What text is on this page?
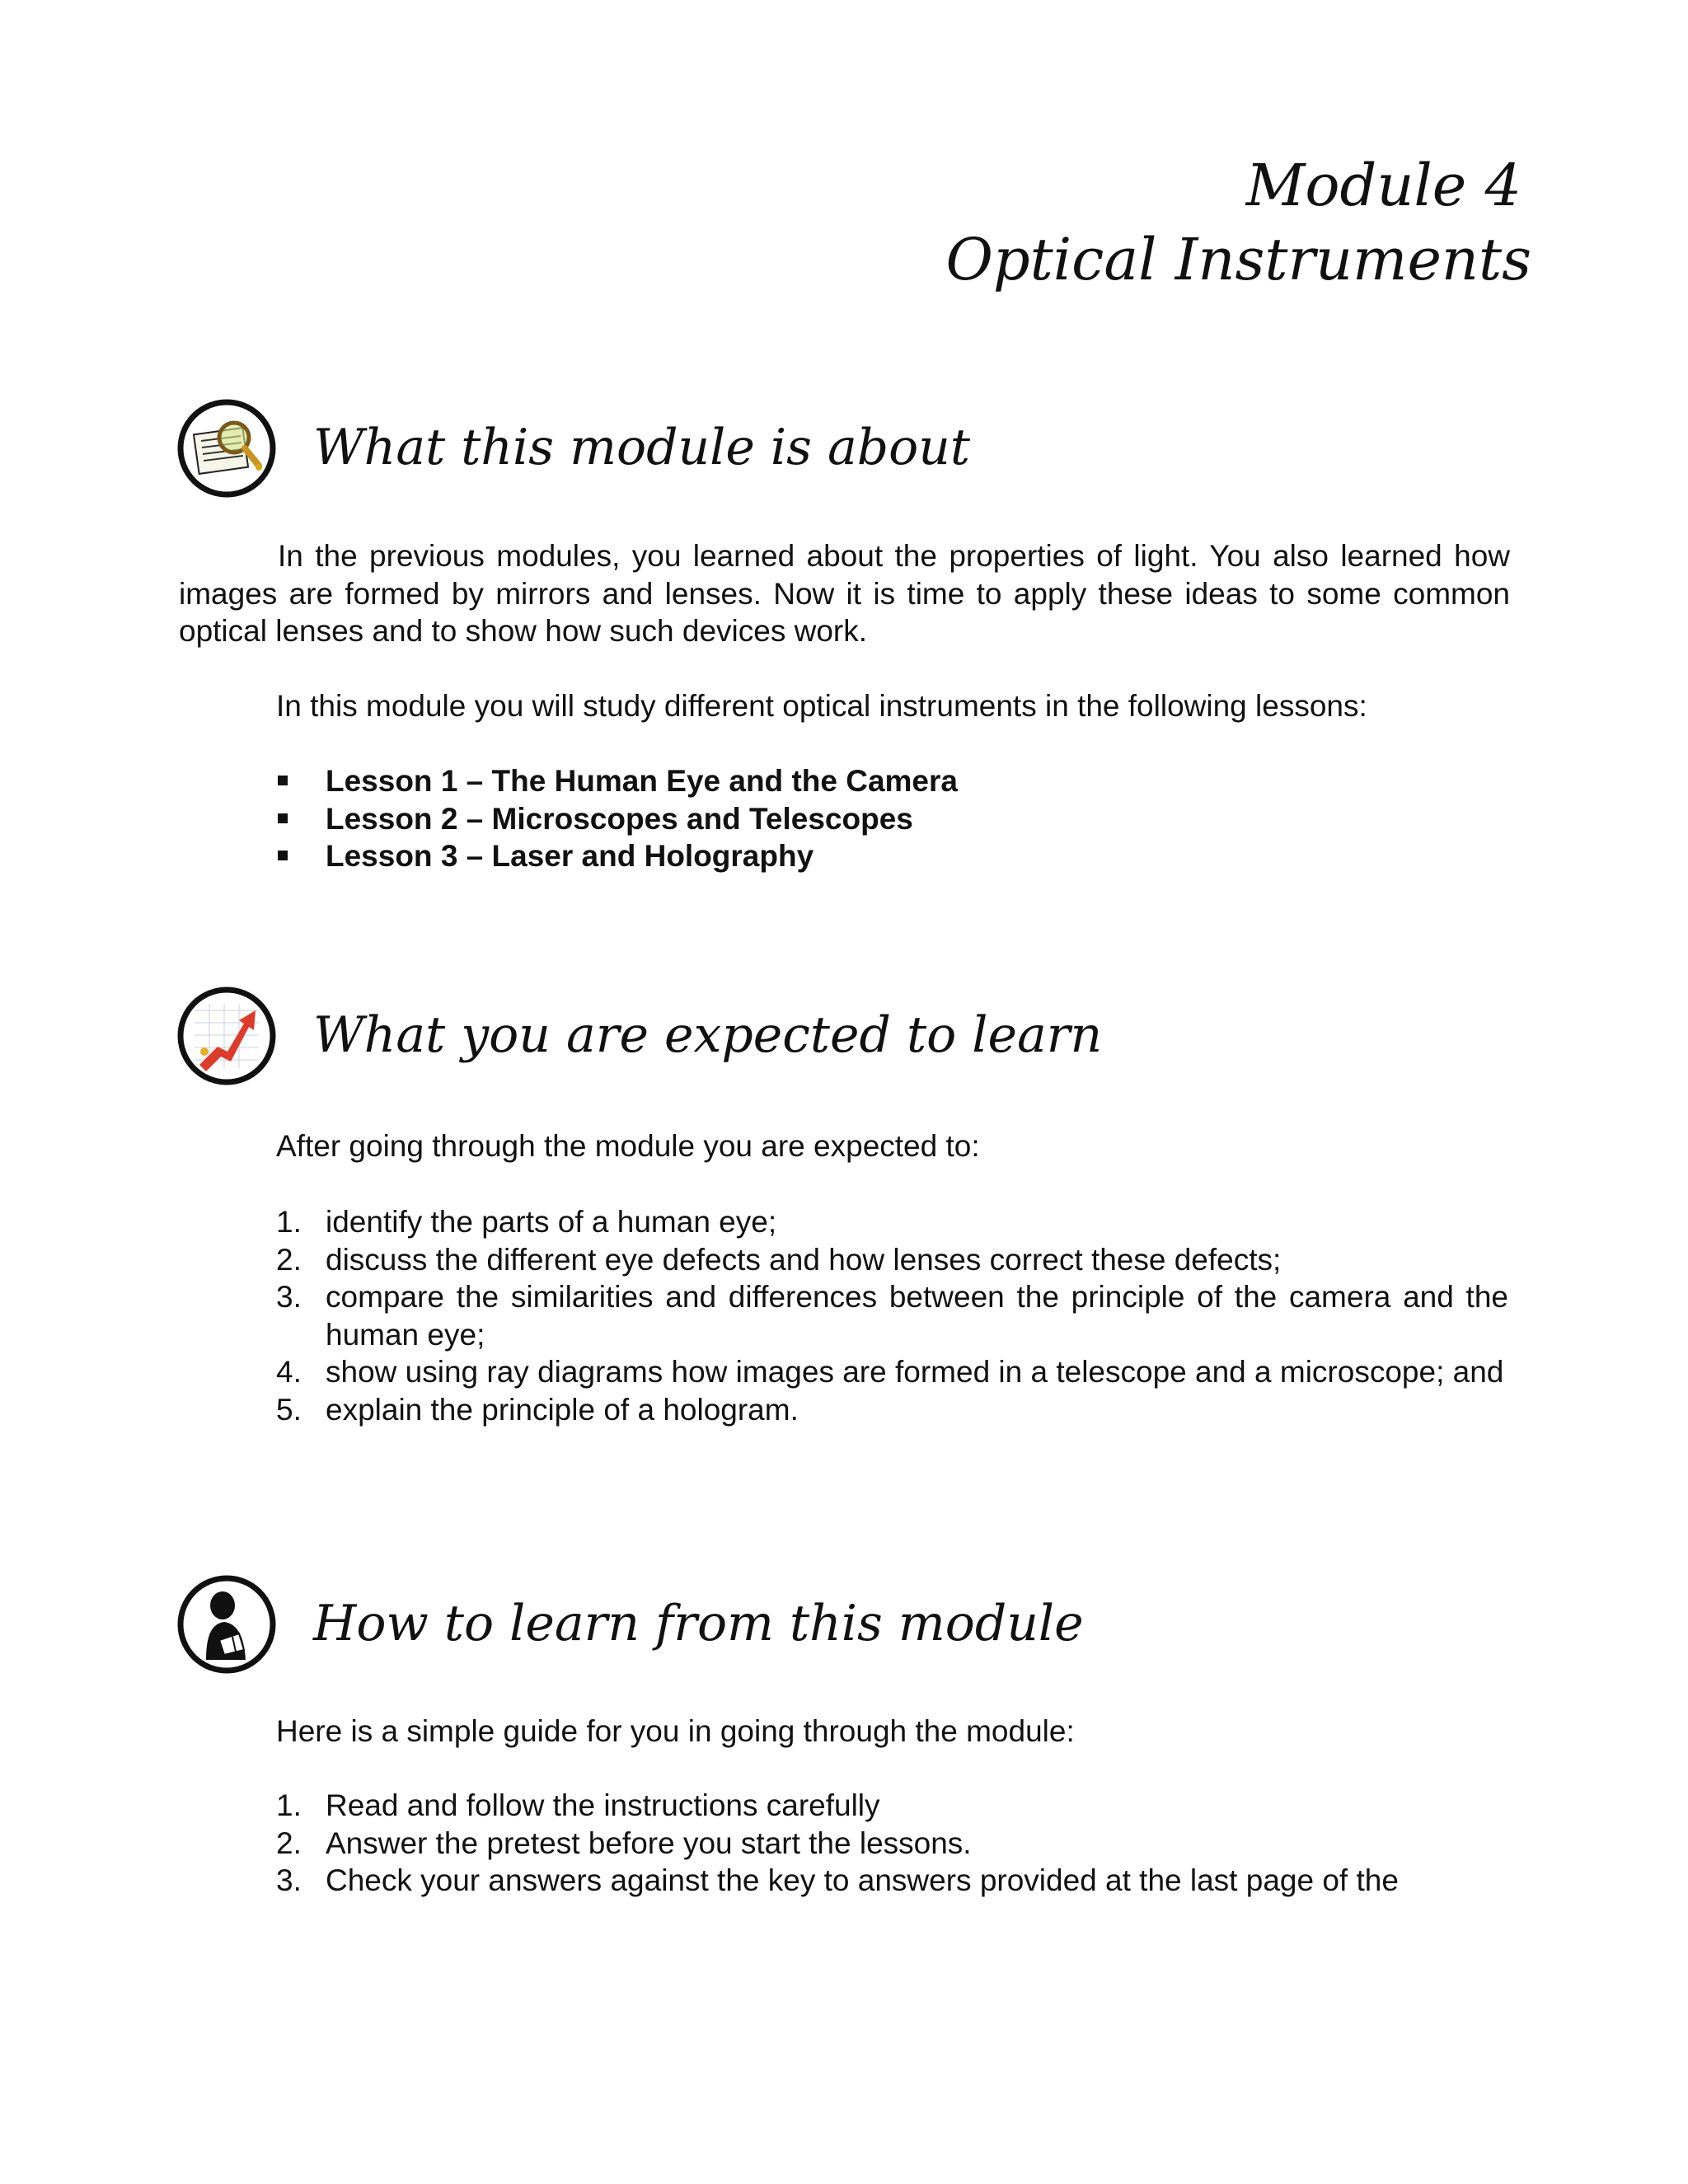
Module 4
Optical Instruments
What this module is about
In the previous modules, you learned about the properties of light. You also learned how images are formed by mirrors and lenses. Now it is time to apply these ideas to some common optical lenses and to show how such devices work.
In this module you will study different optical instruments in the following lessons:
Lesson 1 – The Human Eye and the Camera
Lesson 2 – Microscopes and Telescopes
Lesson 3 – Laser and Holography
What you are expected to learn
After going through the module you are expected to:
1. identify the parts of a human eye;
2. discuss the different eye defects and how lenses correct these defects;
3. compare the similarities and differences between the principle of the camera and the human eye;
4. show using ray diagrams how images are formed in a telescope and a microscope; and
5. explain the principle of a hologram.
How to learn from this module
Here is a simple guide for you in going through the module:
1. Read and follow the instructions carefully
2. Answer the pretest before you start the lessons.
3. Check your answers against the key to answers provided at the last page of the
